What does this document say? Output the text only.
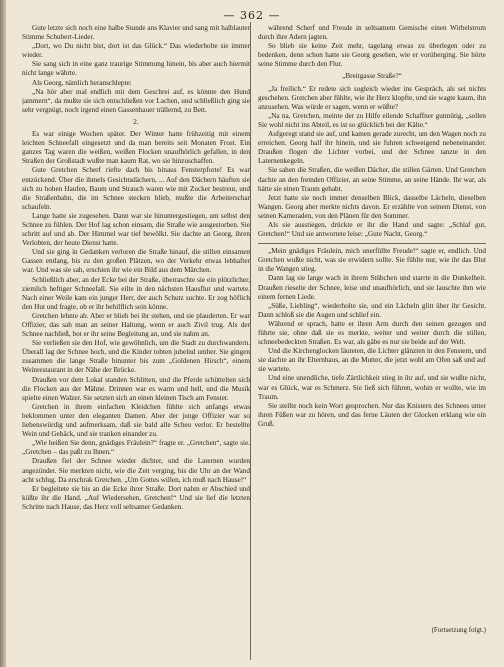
— 362 —

Gute letzte sich noch eine halbe Stunde ans Klavier und sang mit halblauter Stimme Schubert-Lieder.

„Dort, wo Du nicht bist, dort ist das Glück.“ Das wiederholte sie immer wieder.

Sie sang sich in eine ganz traurige Stimmung hinein, bis aber auch hiermit nicht lange währte.

Als Georg, nämlich heranschlepte:

„Na hör aber mal endlich mit dem Geschrei auf, es könnte den Hund jammern“, da mußte sie sich entschließen vor Lachen, und schließlich ging sie sehr vergnügt, noch irgend einen Gassenhauer trällernd, zu Bett.

2.

Es war einige Wochen später. Der Winter hatte frühzeitig mit einem leichten Schneefall eingesetzt und da man bereits seit Monaten Frost. Ein ganzes Tag waren die weißen, weißen Flocken unaufhörlich gefallen, in den Straßen der Großstadt wußte man kaum Rat, wo sie hinzuschaffen.

Gute Gretchen Scherf riefte dach bis binaus Fensterpforte! Es war entzückend. Über die ihmels Gesichtsdächern, ... Auf den Dächern häuften sie sich zu hohen Haufen, Baum und Strauch waren wie mit Zucker bestreut, und die Straßenbahn, die im Schnee stecken blieb, mußte die Arbeiterschar schaufeln.

Lange hatte sie zugesehen. Dann war sie hinuntergestiegen, um selbst den Schnee zu fühlen. Der Hof lag schon einsam, die Straße wie ausgestorben. Sie schritt auf und ab. Der Himmel war tief bewölkt. Sie dachte an Georg, ihren Verlobten, der heute Dienst hatte.

Und sie ging in Gedanken verloren die Straße hinauf, die stillen einsamen Gassen entlang, bis zu den großen Plätzen, wo der Verkehr etwas lebhafter war. Und was sie sah, erschien ihr wie ein Bild aus dem Märchen.

Schließlich aber, an der Ecke bei der Straße, überraschte sie ein plötzlicher, ziemlich heftiger Schneefall. Sie eilte in den nächsten Hausflur und wartete. Nach einer Weile kam ein junger Herr, der auch Schutz suchte. Er zog höflich den Hut und fragte, ob er ihr behilflich sein könne.

Gretchen lehnte ab. Aber er blieb bei ihr stehen, und sie plauderten. Er war Offizier, das sah man an seiner Haltung, wenn er auch Zivil trug. Als der Schnee nachließ, bot er ihr seine Begleitung an, und sie nahm an.

Sie verließen sie den Hof, wie gewöhnlich, um die Stadt zu durchwandern. Überall lag der Schnee hoch, und die Kinder tobten jubelnd umher. Sie gingen zusammen die lange Straße hinunter bis zum „Goldenen Hirsch“, einem Weinrestaurant in der Nähe der Brücke.

Draußen vor dem Lokal standen Schlitten, und die Pferde schüttelten sich die Flocken aus der Mähne. Drinnen war es warm und hell, und die Musik spielte einen Walzer. Sie setzten sich an einen kleinen Tisch am Fenster.

Gretchen in ihrem einfachen Kleidchen fühlte sich anfangs etwas beklommen unter den eleganten Damen. Aber der junge Offizier war so liebenswürdig und aufmerksam, daß sie bald alle Scheu verlor. Er bestellte Wein und Gebäck, und sie tranken einander zu.

„Wie heißen Sie denn, gnädiges Fräulein?“ fragte er. „Gretchen“, sagte sie. „Gretchen – das paßt zu Ihnen.“

Draußen fiel der Schnee wieder dichter, und die Laternen wurden angezündet. Sie merkten nicht, wie die Zeit verging, bis die Uhr an der Wand acht schlug. Da erschrak Gretchen. „Um Gottes willen, ich muß nach Hause!“

Er begleitete sie bis an die Ecke ihrer Straße. Dort nahm er Abschied und küßte ihr die Hand. „Auf Wiedersehen, Gretchen!“ Und sie lief die letzten Schritte nach Hause, das Herz voll seltsamer Gedanken.

während Scherf und Freude in seltsamem Gemische einen Wirbelstrom durch ihre Adern jagten.

So blieb sie keine Zeit mehr, tagelang etwas zu überlegen oder zu bedenken, denn schon hatte sie Georg gesehen, wie er vorüberging. Sie hörte seine Stimme durch den Flur.

„Breitgasse Straße?“

„Ja freilich.“ Er redete sich sogleich wieder ins Gespräch, als sei nichts geschehen. Gretchen aber fühlte, wie ihr Herz klopfte, und sie wagte kaum, ihn anzusehen. Was würde er sagen, wenn er wüßte?

„Na na, Gretchen, meinte der zu Hilfe eilende Schaffner gutmütig, „sollen Sie wohl nicht ins Abteil, es ist so glücklich bei der Kälte.“

Aufgeregt stand sie auf, und kamen gerade zurecht, um den Wagen noch zu erreichen. Georg half ihr hinein, und sie fuhren schweigend nebeneinander. Draußen flogen die Lichter vorbei, und der Schnee tanzte in den Laternenkegeln.

Sie sahen die Straßen, die weißen Dächer, die stillen Gärten. Und Gretchen dachte an den fremden Offizier, an seine Stimme, an seine Hände. Ihr war, als hätte sie einen Traum gehabt.

Jetzt hatte sie noch immer denselben Blick, dasselbe Lächeln, dieselben Wangen. Georg aber merkte nichts davon. Er erzählte von seinem Dienst, von seinen Kameraden, von den Plänen für den Sommer.

Als sie ausstiegen, drückte er ihr die Hand und sagte: „Schlaf gut, Gretchen!“ Und sie antwortete leise: „Gute Nacht, Georg.“

„Mein gnädiges Fräulein, mich unerfüllte Freude!“ sagte er, endlich. Und Gretchen wußte nicht, was sie erwidern sollte. Sie fühlte nur, wie ihr das Blut in die Wangen stieg.

Dann lag sie lange wach in ihrem Stübchen und starrte in die Dunkelheit. Draußen rieselte der Schnee, leise und unaufhörlich, und sie lauschte ihm wie einem fernen Liede.

„Süße, Liebling“, wiederholte sie, und ein Lächeln glitt über ihr Gesicht. Dann schloß sie die Augen und schlief ein.

Während er sprach, hatte er ihren Arm durch den seinen gezogen und führte sie, ohne daß sie es merkte, weiter und weiter durch die stillen, schneebedeckten Straßen. Es war, als gäbe es nur sie beide auf der Welt.

Und die Kirchenglocken läuteten, die Lichter glänzten in den Fenstern, und sie dachte an ihr Elternhaus, an die Mutter, die jetzt wohl am Ofen saß und auf sie wartete.

Und eine unendliche, tiefe Zärtlichkeit stieg in ihr auf, und sie wußte nicht, war es Glück, war es Schmerz. Sie ließ sich führen, wohin er wollte, wie im Traum.

Sie stellte noch kein Wort gesprochen. Nur das Knistern des Schnees unter ihren Füßen war zu hören, und das ferne Läuten der Glocken erklang wie ein Gruß.

(Fortsetzung folgt.)
